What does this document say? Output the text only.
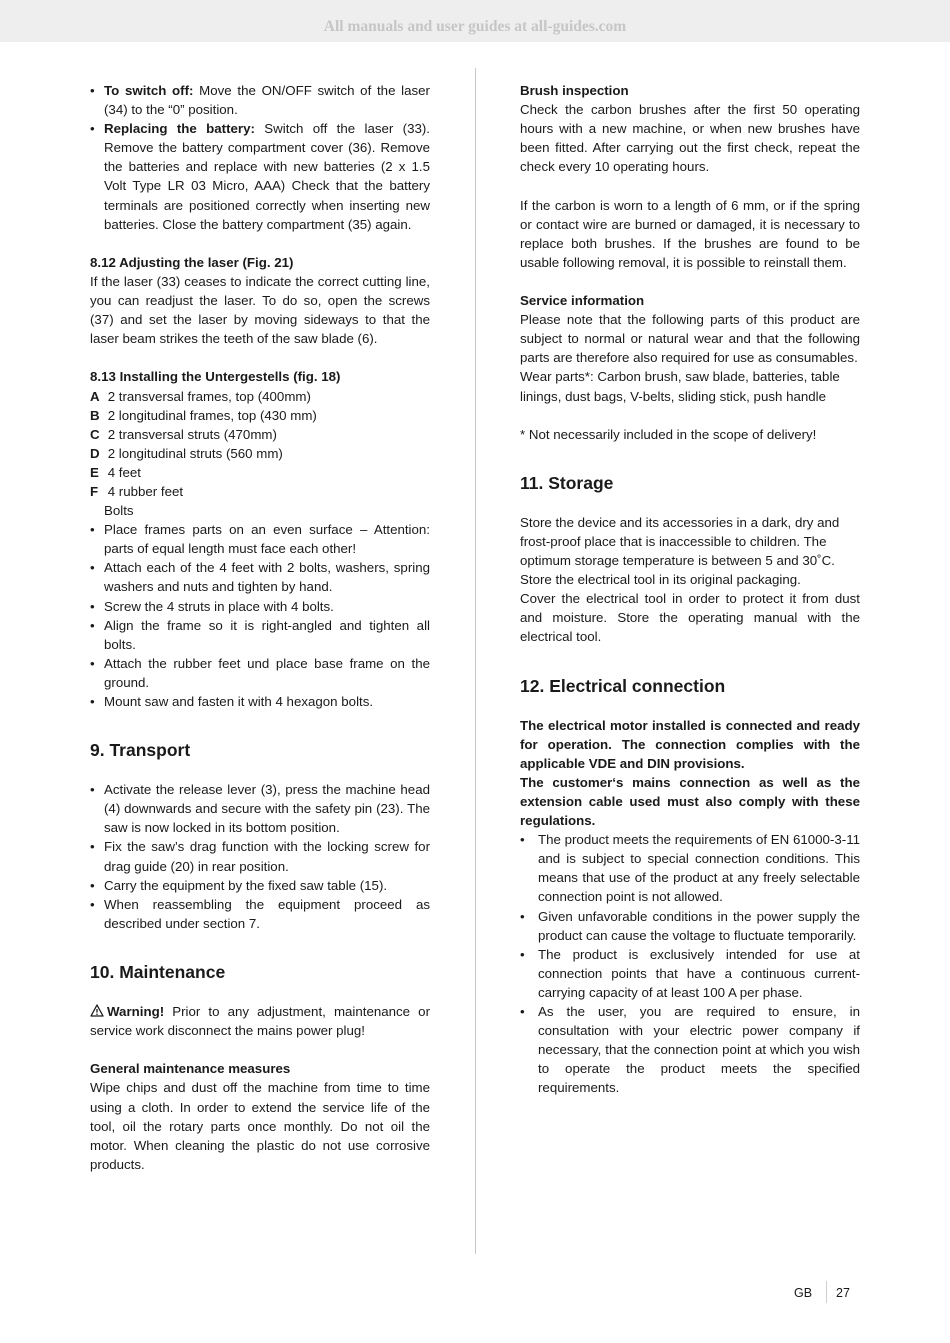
All manuals and user guides at all-guides.com
• To switch off: Move the ON/OFF switch of the laser (34) to the “0” position.
• Replacing the battery: Switch off the laser (33). Remove the battery compartment cover (36). Remove the batteries and replace with new batteries (2 x 1.5 Volt Type LR 03 Micro, AAA) Check that the battery terminals are positioned correctly when inserting new batteries. Close the battery compartment (35) again.

8.12 Adjusting the laser (Fig. 21)

If the laser (33) ceases to indicate the correct cutting line, you can readjust the laser. To do so, open the screws (37) and set the laser by moving sideways to that the laser beam strikes the teeth of the saw blade (6).

8.13 Installing the Untergestells (fig. 18)

A 2 transversal frames, top (400mm)
B 2 longitudinal frames, top (430 mm)
C 2 transversal struts (470mm)
D 2 longitudinal struts (560 mm)
E 4 feet
F 4 rubber feet
Bolts
• Place frames parts on an even surface – Attention: parts of equal length must face each other!
• Attach each of the 4 feet with 2 bolts, washers, spring washers and nuts and tighten by hand.
• Screw the 4 struts in place with 4 bolts.
• Align the frame so it is right-angled and tighten all bolts.
• Attach the rubber feet und place base frame on the ground.
• Mount saw and fasten it with 4 hexagon bolts.

9. Transport

• Activate the release lever (3), press the machine head (4) downwards and secure with the safety pin (23). The saw is now locked in its bottom position.
• Fix the saw’s drag function with the locking screw for drag guide (20) in rear position.
• Carry the equipment by the fixed saw table (15).
• When reassembling the equipment proceed as described under section 7.

10. Maintenance

Warning! Prior to any adjustment, maintenance or service work disconnect the mains power plug!

General maintenance measures

Wipe chips and dust off the machine from time to time using a cloth. In order to extend the service life of the tool, oil the rotary parts once monthly. Do not oil the motor. When cleaning the plastic do not use corrosive products.

Brush inspection

Check the carbon brushes after the first 50 operating hours with a new machine, or when new brushes have been fitted. After carrying out the first check, repeat the check every 10 operating hours.

If the carbon is worn to a length of 6 mm, or if the spring or contact wire are burned or damaged, it is necessary to replace both brushes. If the brushes are found to be usable following removal, it is possible to reinstall them.

Service information

Please note that the following parts of this product are subject to normal or natural wear and that the following parts are therefore also required for use as consumables.

Wear parts*: Carbon brush, saw blade, batteries, table linings, dust bags, V-belts, sliding stick, push handle

* Not necessarily included in the scope of delivery!

11. Storage

Store the device and its accessories in a dark, dry and frost-proof place that is inaccessible to children. The optimum storage temperature is between 5 and 30˚C. Store the electrical tool in its original packaging.

Cover the electrical tool in order to protect it from dust and moisture. Store the operating manual with the electrical tool.

12. Electrical connection

The electrical motor installed is connected and ready for operation. The connection complies with the applicable VDE and DIN provisions.

The customer‘s mains connection as well as the extension cable used must also comply with these regulations.

• The product meets the requirements of EN 61000-3-11 and is subject to special connection conditions. This means that use of the product at any freely selectable connection point is not allowed.
• Given unfavorable conditions in the power supply the product can cause the voltage to fluctuate temporarily.
• The product is exclusively intended for use at connection points that have a continuous current-carrying capacity of at least 100 A per phase.
• As the user, you are required to ensure, in consultation with your electric power company if necessary, that the connection point at which you wish to operate the product meets the specified requirements.
GB 27
